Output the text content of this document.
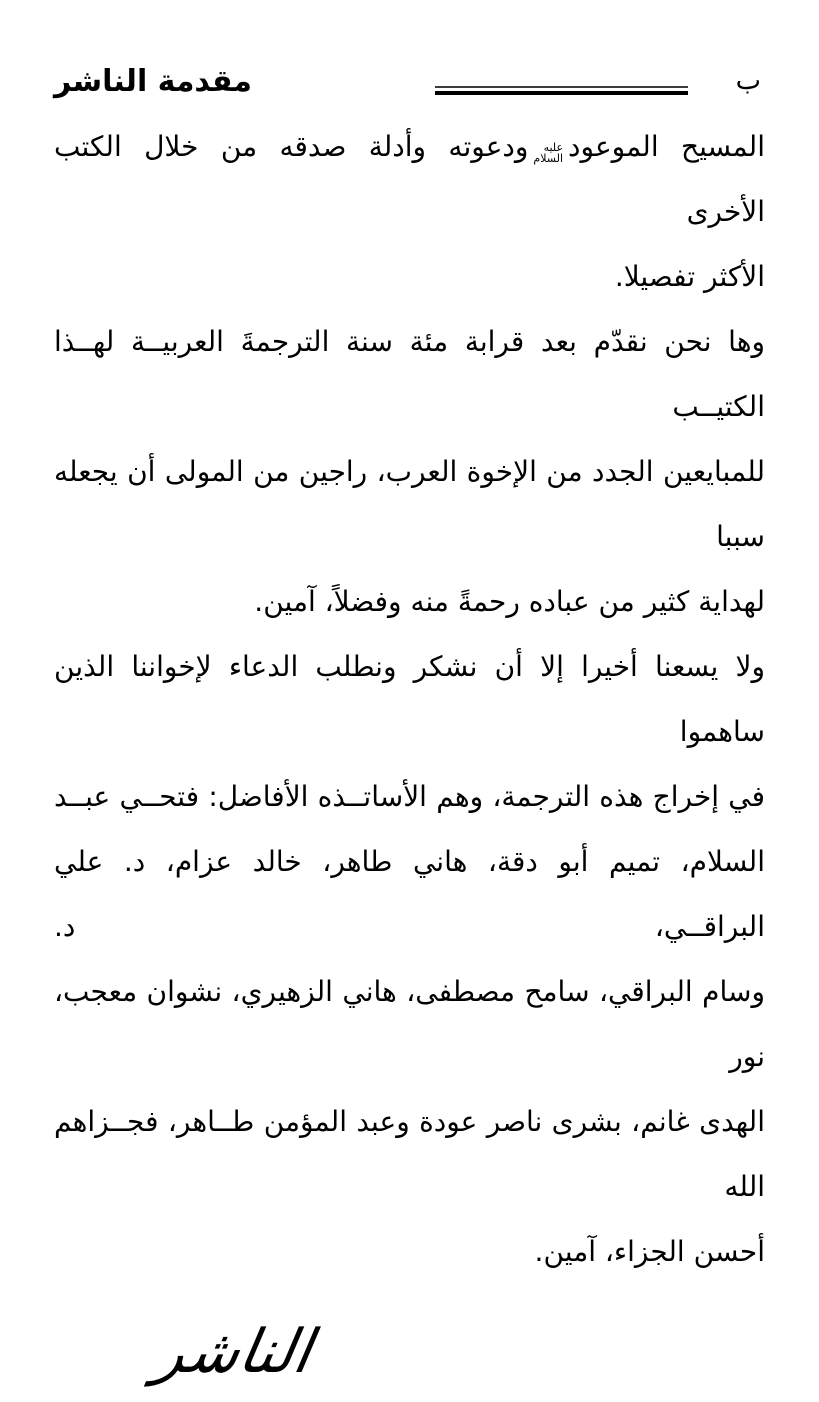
مقدمة الناشر	ب
المسيح الموعود
عليه
السلام
ودعوته وأدلة صدقه من خلال الكتب الأخرى
الأكثر تفصيلا.
وها نحن نقدّم بعد قرابة مئة سنة الترجمةَ العربيــة لهــذا الكتيــب
للمبايعين الجدد من الإخوة العرب، راجين من المولى أن يجعله سببا
لهداية كثير من عباده رحمةً منه وفضلاً، آمين.
ولا يسعنا أخيرا إلا أن نشكر ونطلب الدعاء لإخواننا الذين ساهموا
في إخراج هذه الترجمة، وهم الأساتــذه الأفاضل: فتحــي عبــد
السلام، تميم أبو دقة، هاني طاهر، خالد عزام، د. علي البراقــي، د.
وسام البراقي، سامح مصطفى، هاني الزهيري، نشوان معجب، نور
الهدى غانم، بشرى ناصر عودة وعبد المؤمن طــاهر، فجــزاهم الله
أحسن الجزاء، آمين.
الناشر
